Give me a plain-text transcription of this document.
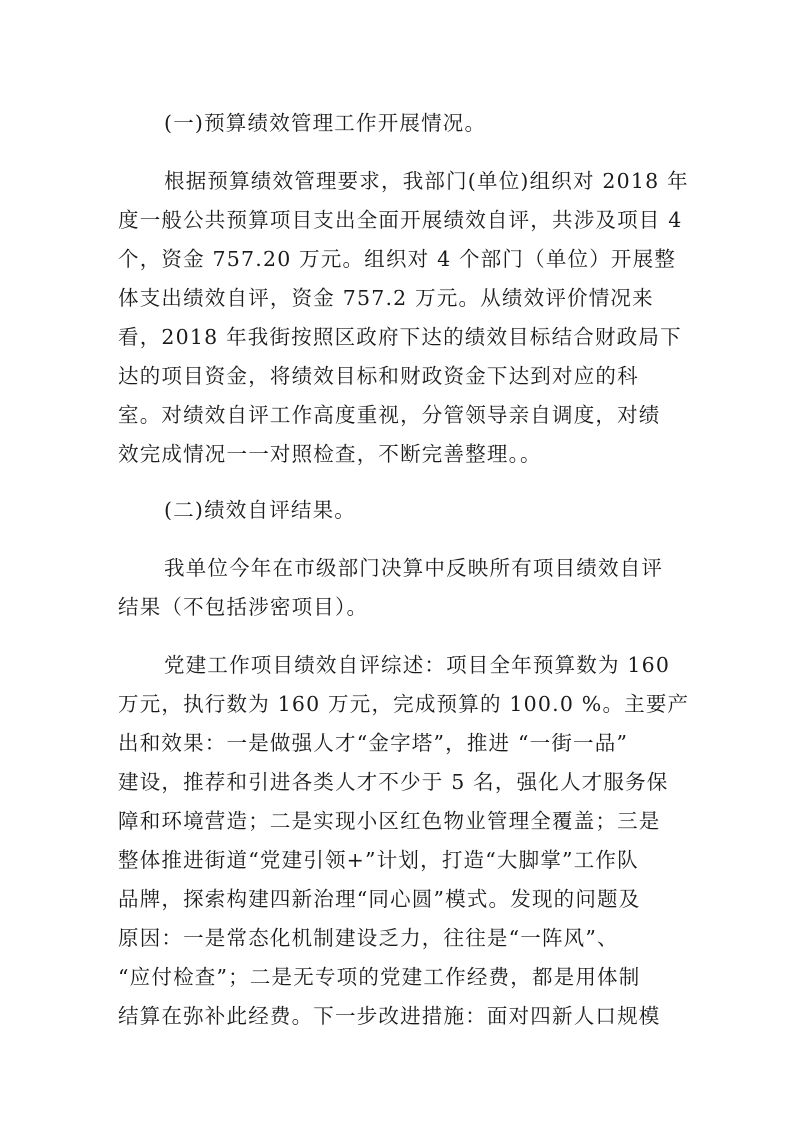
(一)预算绩效管理工作开展情况。
根据预算绩效管理要求，我部门(单位)组织对 2018 年
度一般公共预算项目支出全面开展绩效自评，共涉及项目 4
个，资金 757.20 万元。组织对 4 个部门（单位）开展整
体支出绩效自评，资金 757.2 万元。从绩效评价情况来
看，2018 年我街按照区政府下达的绩效目标结合财政局下
达的项目资金，将绩效目标和财政资金下达到对应的科
室。对绩效自评工作高度重视，分管领导亲自调度，对绩
效完成情况一一对照检查，不断完善整理。。
(二)绩效自评结果。
我单位今年在市级部门决算中反映所有项目绩效自评
结果（不包括涉密项目）。
党建工作项目绩效自评综述：项目全年预算数为 160
万元，执行数为 160 万元，完成预算的 100.0 %。主要产
出和效果：一是做强人才“金字塔”，推进 “一街一品”
建设，推荐和引进各类人才不少于 5 名，强化人才服务保
障和环境营造；二是实现小区红色物业管理全覆盖；三是
整体推进街道“党建引领+”计划，打造“大脚掌”工作队
品牌，探索构建四新治理“同心圆”模式。发现的问题及
原因：一是常态化机制建设乏力，往往是“一阵风”、
“应付检查”；二是无专项的党建工作经费，都是用体制
结算在弥补此经费。下一步改进措施：面对四新人口规模
